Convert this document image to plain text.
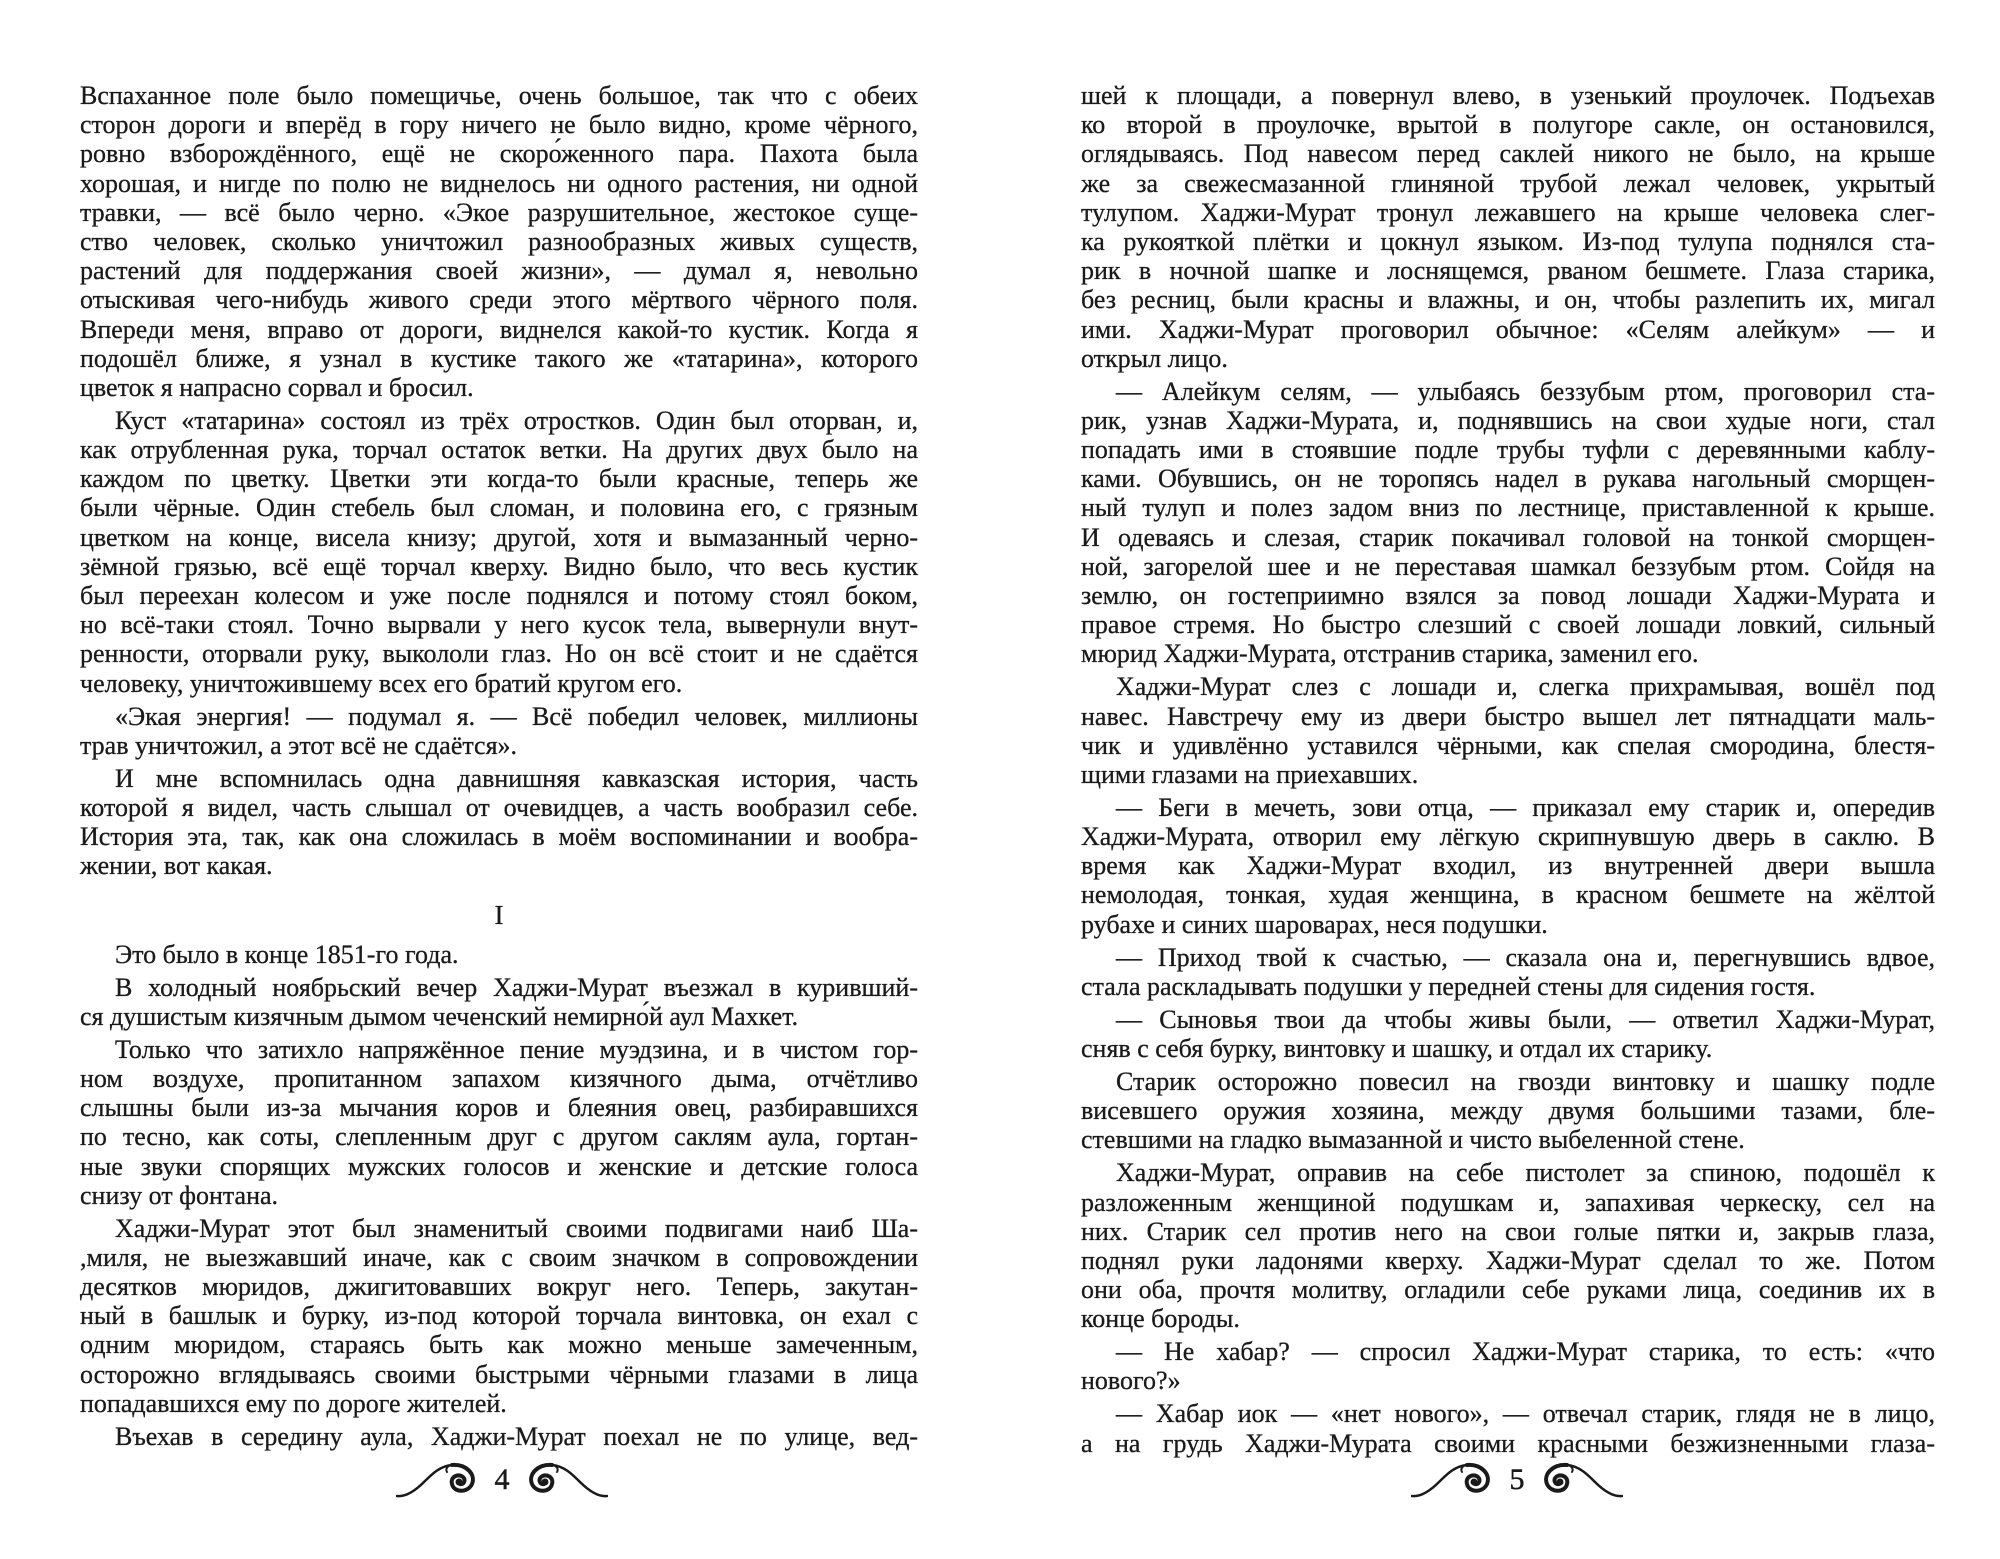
Вспаханное поле было помещичье, очень большое, так что с обеих
сторон дороги и вперёд в гору ничего не было видно, кроме чёрного,
ровно взборождённого, ещё не скоро́женного пара. Пахота была
хорошая, и нигде по полю не виднелось ни одного растения, ни одной
травки, — всё было черно. «Экое разрушительное, жестокое суще-
ство человек, сколько уничтожил разнообразных живых существ,
растений для поддержания своей жизни», — думал я, невольно
отыскивая чего-нибудь живого среди этого мёртвого чёрного поля.
Впереди меня, вправо от дороги, виднелся какой-то кустик. Когда я
подошёл ближе, я узнал в кустике такого же «татарина», которого
цветок я напрасно сорвал и бросил.
Куст «татарина» состоял из трёх отростков. Один был оторван, и,
как отрубленная рука, торчал остаток ветки. На других двух было на
каждом по цветку. Цветки эти когда-то были красные, теперь же
были чёрные. Один стебель был сломан, и половина его, с грязным
цветком на конце, висела книзу; другой, хотя и вымазанный черно-
зёмной грязью, всё ещё торчал кверху. Видно было, что весь кустик
был переехан колесом и уже после поднялся и потому стоял боком,
но всё-таки стоял. Точно вырвали у него кусок тела, вывернули внут-
ренности, оторвали руку, выкололи глаз. Но он всё стоит и не сдаётся
человеку, уничтожившему всех его братий кругом его.
«Экая энергия! — подумал я. — Всё победил человек, миллионы
трав уничтожил, а этот всё не сдаётся».
И мне вспомнилась одна давнишняя кавказская история, часть
которой я видел, часть слышал от очевидцев, а часть вообразил себе.
История эта, так, как она сложилась в моём воспоминании и вообра-
жении, вот какая.
I
Это было в конце 1851-го года.
В холодный ноябрьский вечер Хаджи-Мурат въезжал в куривший-
ся душистым кизячным дымом чеченский немирно́й аул Махкет.
Только что затихло напряжённое пение муэдзина, и в чистом гор-
ном воздухе, пропитанном запахом кизячного дыма, отчётливо
слышны были из-за мычания коров и блеяния овец, разбиравшихся
по тесно, как соты, слепленным друг с другом саклям аула, гортан-
ные звуки спорящих мужских голосов и женские и детские голоса
снизу от фонтана.
Хаджи-Мурат этот был знаменитый своими подвигами наиб Ша-
,миля, не выезжавший иначе, как с своим значком в сопровождении
десятков мюридов, джигитовавших вокруг него. Теперь, закутан-
ный в башлык и бурку, из-под которой торчала винтовка, он ехал с
одним мюридом, стараясь быть как можно меньше замеченным,
осторожно вглядываясь своими быстрыми чёрными глазами в лица
попадавшихся ему по дороге жителей.
Въехав в середину аула, Хаджи-Мурат поехал не по улице, вед-
4
шей к площади, а повернул влево, в узенький проулочек. Подъехав
ко второй в проулочке, врытой в полугоре сакле, он остановился,
оглядываясь. Под навесом перед саклей никого не было, на крыше
же за свежесмазанной глиняной трубой лежал человек, укрытый
тулупом. Хаджи-Мурат тронул лежавшего на крыше человека слег-
ка рукояткой плётки и цокнул языком. Из-под тулупа поднялся ста-
рик в ночной шапке и лоснящемся, рваном бешмете. Глаза старика,
без ресниц, были красны и влажны, и он, чтобы разлепить их, мигал
ими. Хаджи-Мурат проговорил обычное: «Селям алейкум» — и
открыл лицо.
— Алейкум селям, — улыбаясь беззубым ртом, проговорил ста-
рик, узнав Хаджи-Мурата, и, поднявшись на свои худые ноги, стал
попадать ими в стоявшие подле трубы туфли с деревянными каблу-
ками. Обувшись, он не торопясь надел в рукава нагольный сморщен-
ный тулуп и полез задом вниз по лестнице, приставленной к крыше.
И одеваясь и слезая, старик покачивал головой на тонкой сморщен-
ной, загорелой шее и не переставая шамкал беззубым ртом. Сойдя на
землю, он гостеприимно взялся за повод лошади Хаджи-Мурата и
правое стремя. Но быстро слезший с своей лошади ловкий, сильный
мюрид Хаджи-Мурата, отстранив старика, заменил его.
Хаджи-Мурат слез с лошади и, слегка прихрамывая, вошёл под
навес. Навстречу ему из двери быстро вышел лет пятнадцати маль-
чик и удивлённо уставился чёрными, как спелая смородина, блестя-
щими глазами на приехавших.
— Беги в мечеть, зови отца, — приказал ему старик и, опередив
Хаджи-Мурата, отворил ему лёгкую скрипнувшую дверь в саклю. В
время как Хаджи-Мурат входил, из внутренней двери вышла
немолодая, тонкая, худая женщина, в красном бешмете на жёлтой
рубахе и синих шароварах, неся подушки.
— Приход твой к счастью, — сказала она и, перегнувшись вдвое,
стала раскладывать подушки у передней стены для сидения гостя.
— Сыновья твои да чтобы живы были, — ответил Хаджи-Мурат,
сняв с себя бурку, винтовку и шашку, и отдал их старику.
Старик осторожно повесил на гвозди винтовку и шашку подле
висевшего оружия хозяина, между двумя большими тазами, бле-
стевшими на гладко вымазанной и чисто выбеленной стене.
Хаджи-Мурат, оправив на себе пистолет за спиною, подошёл к
разложенным женщиной подушкам и, запахивая черкеску, сел на
них. Старик сел против него на свои голые пятки и, закрыв глаза,
поднял руки ладонями кверху. Хаджи-Мурат сделал то же. Потом
они оба, прочтя молитву, огладили себе руками лица, соединив их в
конце бороды.
— Не хабар? — спросил Хаджи-Мурат старика, то есть: «что
нового?»
— Хабар иок — «нет нового», — отвечал старик, глядя не в лицо,
а на грудь Хаджи-Мурата своими красными безжизненными глаза-
5
